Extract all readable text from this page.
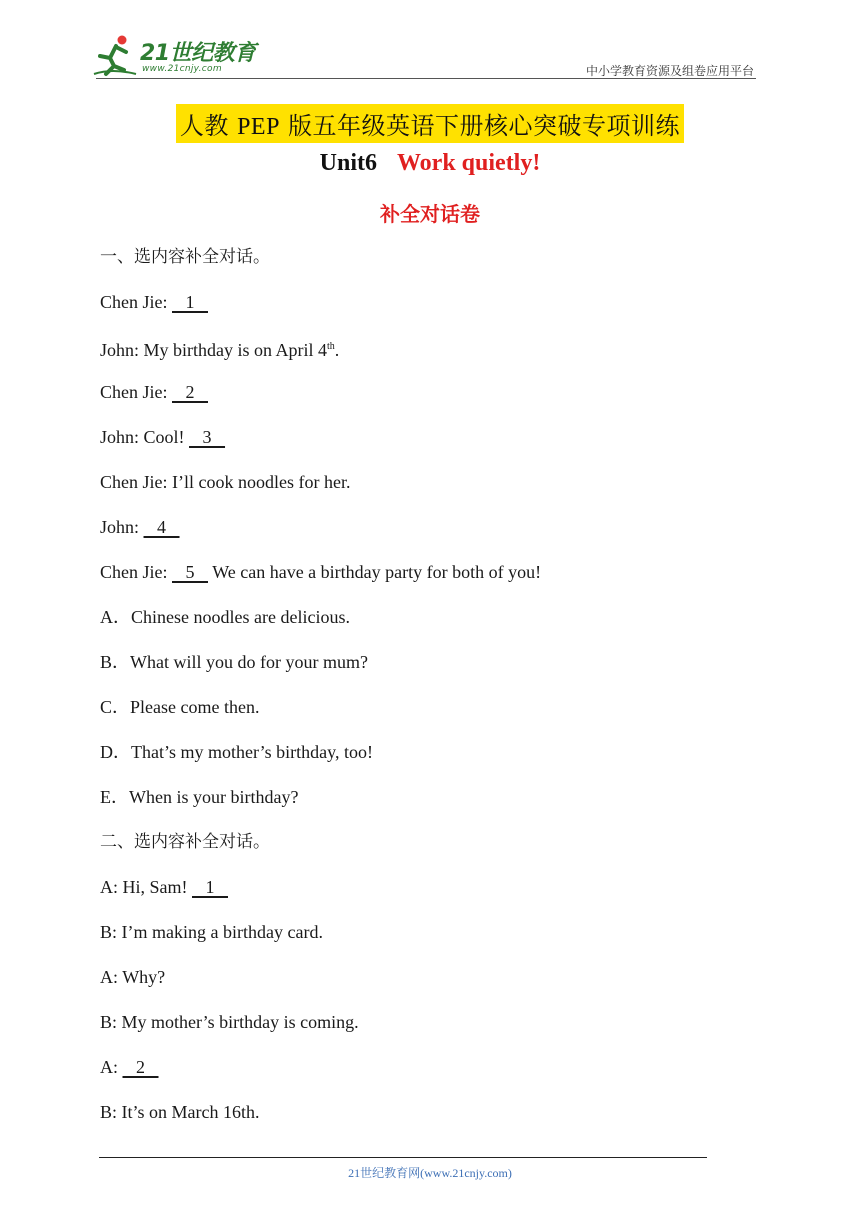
21世纪教育
www.21cnjy.com	中小学教育资源及组卷应用平台
人教 PEP 版五年级英语下册核心突破专项训练
Unit6 Work quietly!
补全对话卷
一、选内容补全对话。
Chen Jie:    1
John: My birthday is on April 4th.
Chen Jie:    2
John: Cool!    3
Chen Jie: I’ll cook noodles for her.
John:    4
Chen Jie:    5    We can have a birthday party for both of you!
A．Chinese noodles are delicious.
B．What will you do for your mum?
C．Please come then.
D．That’s my mother’s birthday, too!
E．When is your birthday?
二、选内容补全对话。
A: Hi, Sam!    1
B: I’m making a birthday card.
A: Why?
B: My mother’s birthday is coming.
A:    2
B: It’s on March 16th.
21世纪教育网(www.21cnjy.com)
